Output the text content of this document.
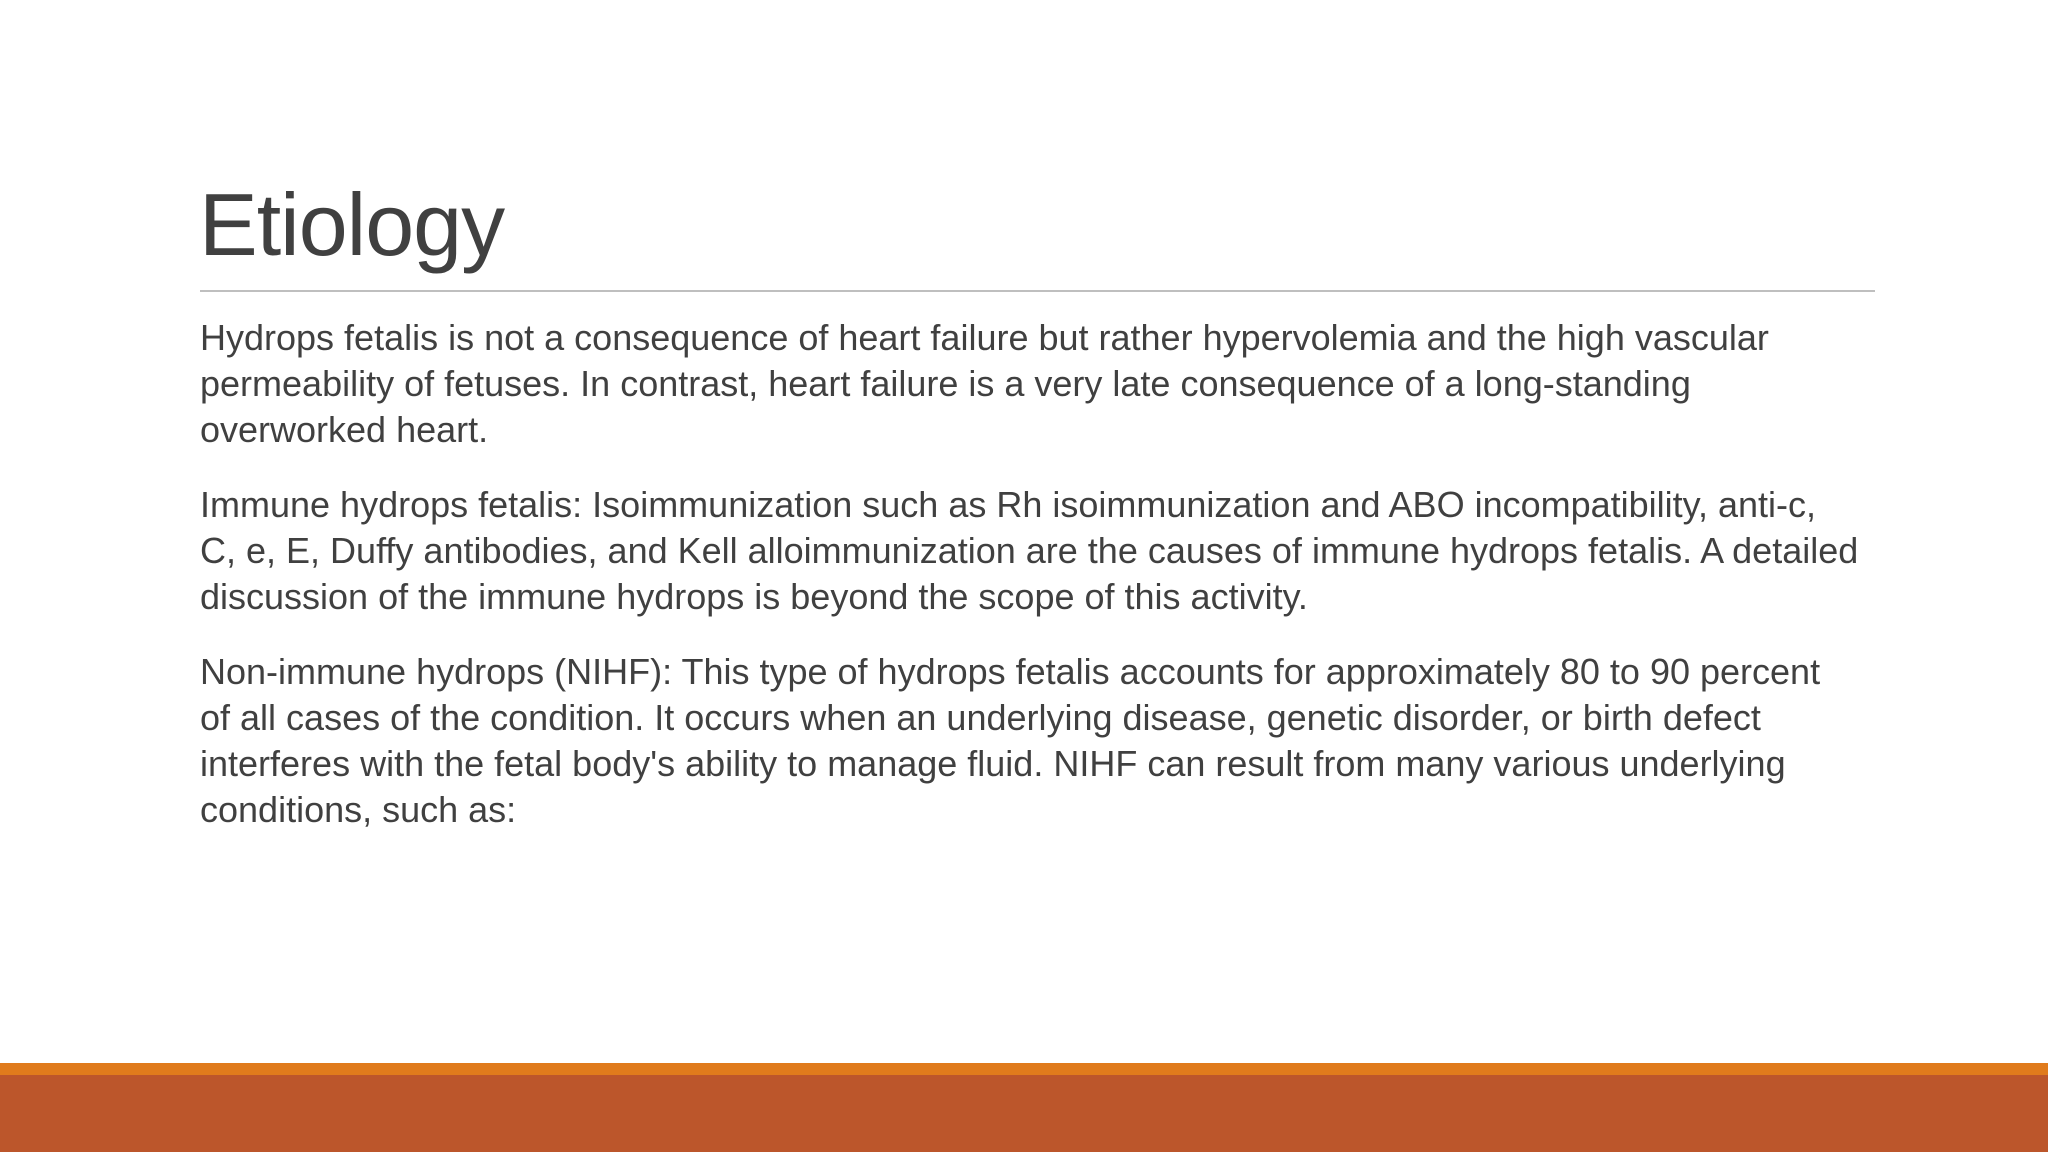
Etiology

Hydrops fetalis is not a consequence of heart failure but rather hypervolemia and the high vascular permeability of fetuses. In contrast, heart failure is a very late consequence of a long-standing overworked heart.

Immune hydrops fetalis: Isoimmunization such as Rh isoimmunization and ABO incompatibility, anti-c, C, e, E, Duffy antibodies, and Kell alloimmunization are the causes of immune hydrops fetalis. A detailed discussion of the immune hydrops is beyond the scope of this activity.

Non-immune hydrops (NIHF): This type of hydrops fetalis accounts for approximately 80 to 90 percent of all cases of the condition. It occurs when an underlying disease, genetic disorder, or birth defect interferes with the fetal body's ability to manage fluid. NIHF can result from many various underlying conditions, such as:
